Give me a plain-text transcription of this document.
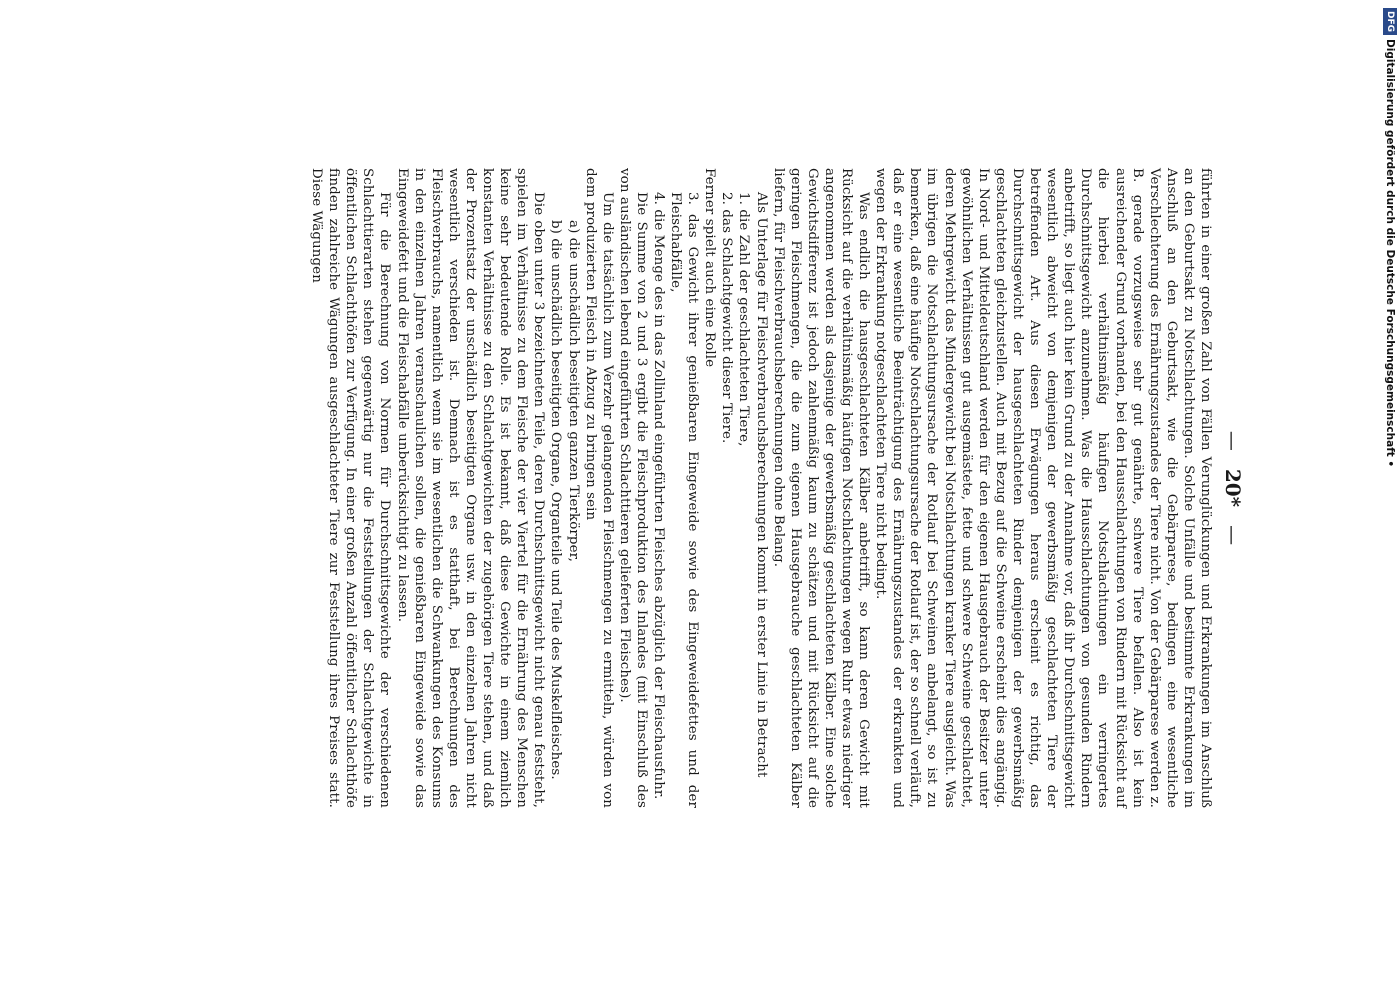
—
20*
—

führten in einer großen Zahl von Fällen Verunglückungen und Erkrankungen im Anschluß an den Geburtsakt zu Notschlachtungen. Solche Unfälle und bestimmte Erkrankungen im Anschluß an den Geburtsakt, wie die Gebärparese, bedingen eine wesentliche Verschlechterung des Ernährungszustandes der Tiere nicht. Von der Gebärparese werden z. B. gerade vorzugsweise sehr gut genährte, schwere Tiere befallen. Also ist kein ausreichender Grund vorhanden, bei den Hausschlachtungen von Rindern mit Rücksicht auf die hierbei verhältnismäßig häufigen Notschlachtungen ein verringertes Durchschnittsgewicht anzunehmen. Was die Hausschlachtungen von gesunden Rindern anbetrifft, so liegt auch hier kein Grund zu der Annahme vor, daß ihr Durchschnittsgewicht wesentlich abweicht von demjenigen der gewerbsmäßig geschlachteten Tiere der betreffenden Art. Aus diesen Erwägungen heraus erscheint es richtig, das Durchschnittsgewicht der hausgeschlachteten Rinder demjenigen der gewerbsmäßig geschlachteten gleichzustellen. Auch mit Bezug auf die Schweine erscheint dies angängig. In Nord- und Mitteldeutschland werden für den eigenen Hausgebrauch der Besitzer unter gewöhnlichen Verhältnissen gut ausgemästete, fette und schwere Schweine geschlachtet, deren Mehrgewicht das Mindergewicht bei Notschlachtungen kranker Tiere ausgleicht. Was im übrigen die Notschlachtungsursache der Rotlauf bei Schweinen anbelangt, so ist zu bemerken, daß eine häufige Notschlachtungsursache der Rotlauf ist, der so schnell verläuft, daß er eine wesentliche Beeinträchtigung des Ernährungszustandes der erkrankten und wegen der Erkrankung notgeschlachteten Tiere nicht bedingt.

Was endlich die hausgeschlachteten Kälber anbetrifft, so kann deren Gewicht mit Rücksicht auf die verhältnismäßig häufigen Notschlachtungen wegen Ruhr etwas niedriger angenommen werden als dasjenige der gewerbsmäßig geschlachteten Kälber. Eine solche Gewichtsdifferenz ist jedoch zahlenmäßig kaum zu schätzen und mit Rücksicht auf die geringen Fleischmengen, die die zum eigenen Hausgebrauche geschlachteten Kälber liefern, für Fleischverbrauchsberechnungen ohne Belang.

Als Unterlage für Fleischverbrauchsberechnungen kommt in erster Linie in Betracht

1. die Zahl der geschlachteten Tiere,

2. das Schlachtgewicht dieser Tiere.

Ferner spielt auch eine Rolle

3. das Gewicht ihrer genießbaren Eingeweide sowie des Eingeweidefettes und der Fleischabfälle,

4. die Menge des in das Zollinland eingeführten Fleisches abzüglich der Fleischausfuhr.

Die Summe von 2 und 3 ergibt die Fleischproduktion des Inlandes (mit Einschluß des von ausländischen lebend eingeführten Schlachttieren gelieferten Fleisches).

Um die tatsächlich zum Verzehr gelangenden Fleischmengen zu ermitteln, würden von dem produzierten Fleisch in Abzug zu bringen sein

a) die unschädlich beseitigten ganzen Tierkörper,

b) die unschädlich beseitigten Organe, Organteile und Teile des Muskelfleisches.

Die oben unter 3 bezeichneten Teile, deren Durchschnittsgewicht nicht genau feststeht, spielen im Verhältnisse zu dem Fleische der vier Viertel für die Ernährung des Menschen keine sehr bedeutende Rolle. Es ist bekannt, daß diese Gewichte in einem ziemlich konstanten Verhältnisse zu den Schlachtgewichten der zugehörigen Tiere stehen, und daß der Prozentsatz der unschädlich beseitigten Organe usw. in den einzelnen Jahren nicht wesentlich verschieden ist. Demnach ist es statthaft, bei Berechnungen des Fleischverbrauchs, namentlich wenn sie im wesentlichen die Schwankungen des Konsums in den einzelnen Jahren veranschaulichen sollen, die genießbaren Eingeweide sowie das Eingeweidefett und die Fleischabfälle unberücksichtigt zu lassen.

Für die Berechnung von Normen für Durchschnittsgewichte der verschiedenen Schlachttierarten stehen gegenwärtig nur die Feststellungen der Schlachtgewichte in öffentlichen Schlachthöfen zur Verfügung. In einer großen Anzahl öffentlicher Schlachthöfe finden zahlreiche Wägungen ausgeschlachteter Tiere zur Feststellung ihres Preises statt. Diese Wägungen

DFG
Digitalisierung gefördert durch die Deutsche Forschungsgemeinschaft •
